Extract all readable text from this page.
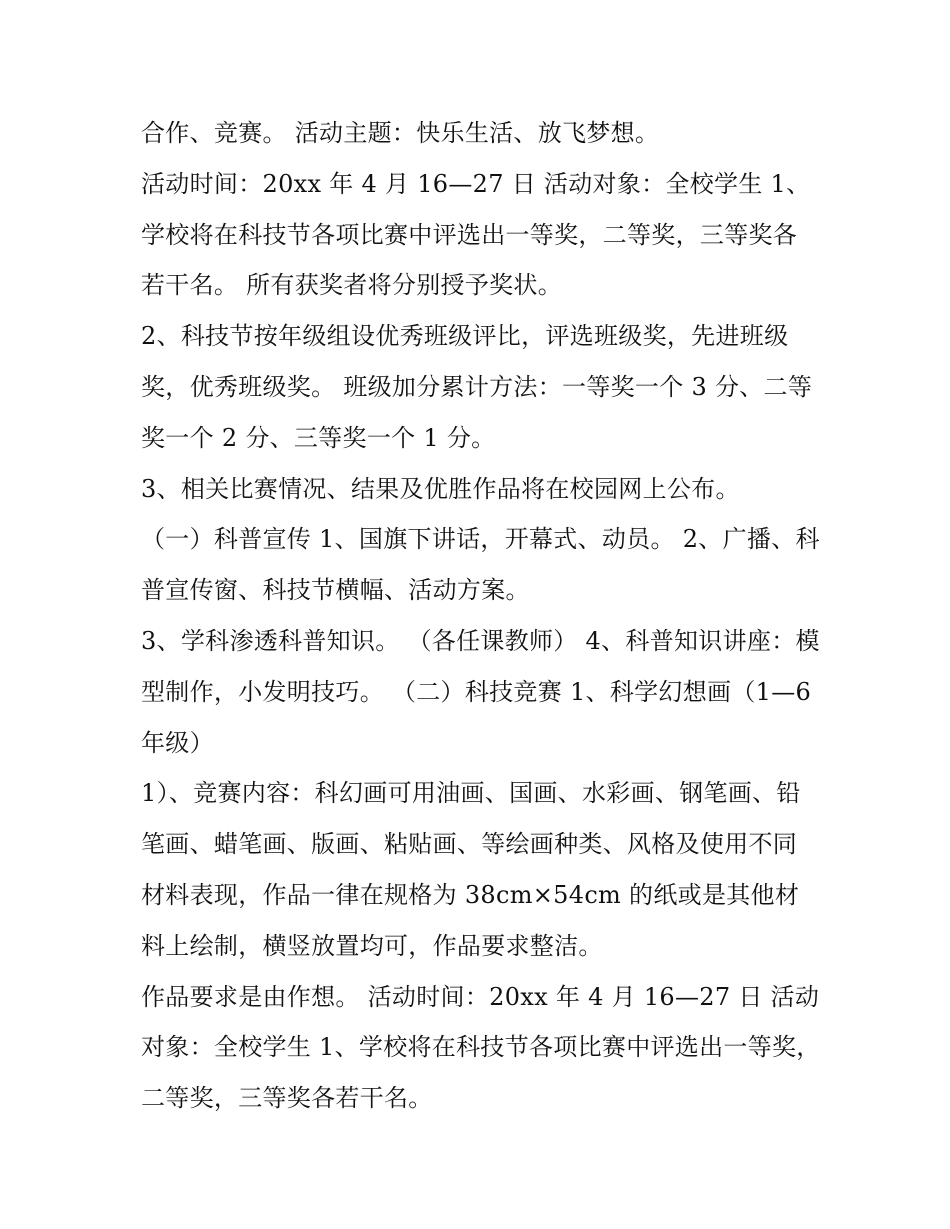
合作、竞赛。 活动主题：快乐生活、放飞梦想。

活动时间：20xx 年 4 月 16—27 日 活动对象：全校学生 1、学校将在科技节各项比赛中评选出一等奖，二等奖，三等奖各若干名。 所有获奖者将分别授予奖状。

2、科技节按年级组设优秀班级评比，评选班级奖，先进班级奖，优秀班级奖。 班级加分累计方法：一等奖一个 3 分、二等奖一个 2 分、三等奖一个 1 分。

3、相关比赛情况、结果及优胜作品将在校园网上公布。

（一）科普宣传 1、国旗下讲话，开幕式、动员。 2、广播、科普宣传窗、科技节横幅、活动方案。

3、学科渗透科普知识。 （各任课教师） 4、科普知识讲座：模型制作，小发明技巧。 （二）科技竞赛 1、科学幻想画（1—6 年级）

1）、竞赛内容：科幻画可用油画、国画、水彩画、钢笔画、铅笔画、蜡笔画、版画、粘贴画、等绘画种类、风格及使用不同材料表现，作品一律在规格为 38cm×54cm 的纸或是其他材料上绘制，横竖放置均可，作品要求整洁。

作品要求是由作想。 活动时间：20xx 年 4 月 16—27 日 活动对象：全校学生 1、学校将在科技节各项比赛中评选出一等奖，二等奖，三等奖各若干名。
